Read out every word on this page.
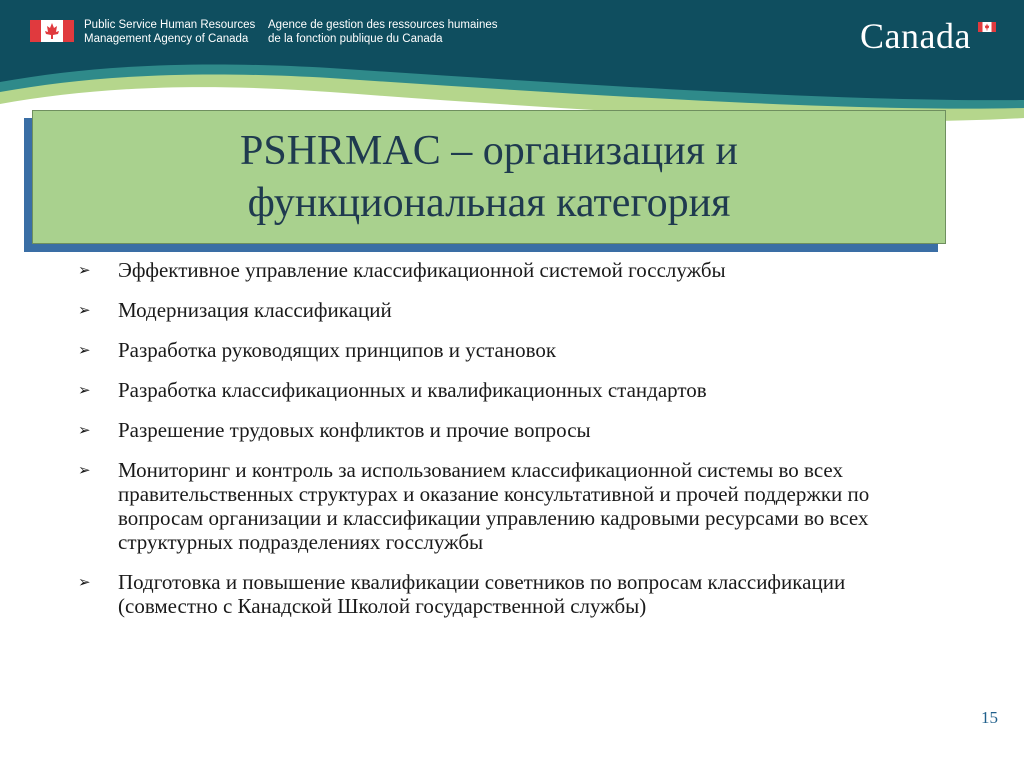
Public Service Human Resources
Management Agency of Canada
Agence de gestion des ressources humaines
de la fonction publique du Canada	Canada
PSHRMAC – организация и
функциональная категория
➢	Эффективное управление классификационной системой госслужбы
➢	Модернизация классификаций
➢	Разработка руководящих принципов и установок
➢	Разработка классификационных и квалификационных стандартов
➢	Разрешение трудовых конфликтов и прочие вопросы
➢	Мониторинг и контроль за использованием классификационной системы во всех правительственных структурах и оказание консультативной и прочей поддержки по вопросам организации и классификации управлению кадровыми ресурсами во всех структурных подразделениях госслужбы
➢	Подготовка и повышение квалификации советников по вопросам классификации (совместно с Канадской Школой государственной службы)
15
